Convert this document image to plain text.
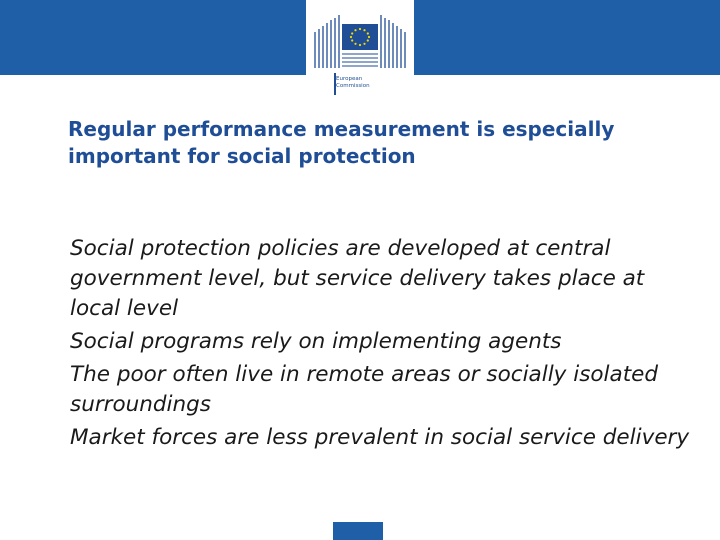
European
Commission
Regular performance measurement is especially important for social protection
Social protection policies are developed at central government level, but service delivery takes place at local level
Social programs rely on implementing agents
The poor often live in remote areas or socially isolated surroundings
Market forces are less prevalent in social service delivery
